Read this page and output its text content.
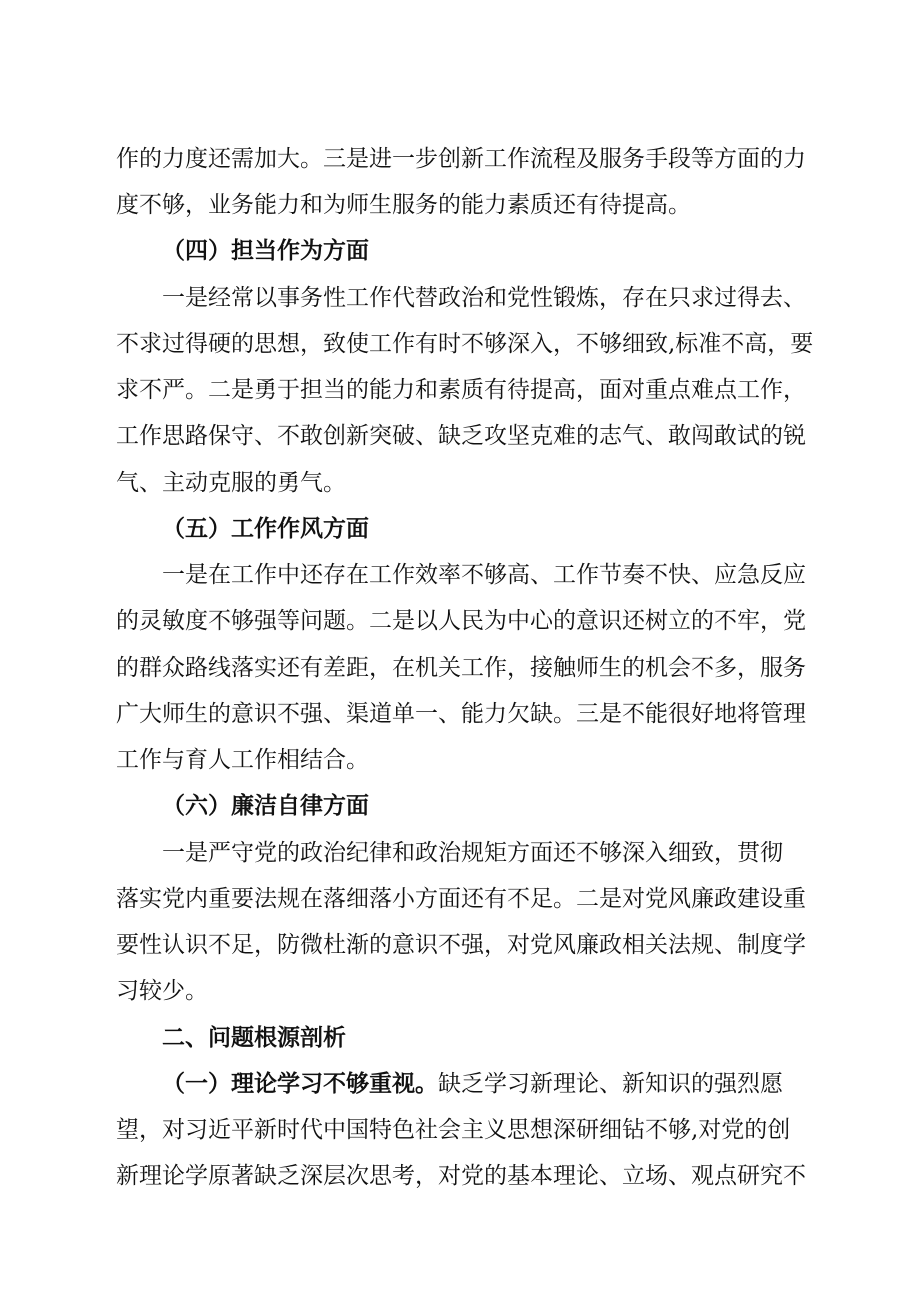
作的力度还需加大。三是进一步创新工作流程及服务手段等方面的力
度不够，业务能力和为师生服务的能力素质还有待提高。
（四）担当作为方面
一是经常以事务性工作代替政治和党性锻炼，存在只求过得去、
不求过得硬的思想，致使工作有时不够深入，不够细致,标准不高，要
求不严。二是勇于担当的能力和素质有待提高，面对重点难点工作，
工作思路保守、不敢创新突破、缺乏攻坚克难的志气、敢闯敢试的锐
气、主动克服的勇气。
（五）工作作风方面
一是在工作中还存在工作效率不够高、工作节奏不快、应急反应
的灵敏度不够强等问题。二是以人民为中心的意识还树立的不牢，党
的群众路线落实还有差距，在机关工作，接触师生的机会不多，服务
广大师生的意识不强、渠道单一、能力欠缺。三是不能很好地将管理
工作与育人工作相结合。
（六）廉洁自律方面
一是严守党的政治纪律和政治规矩方面还不够深入细致，贯彻
落实党内重要法规在落细落小方面还有不足。二是对党风廉政建设重
要性认识不足，防微杜渐的意识不强，对党风廉政相关法规、制度学
习较少。
二、问题根源剖析
（一）理论学习不够重视。缺乏学习新理论、新知识的强烈愿
望，对习近平新时代中国特色社会主义思想深研细钻不够,对党的创
新理论学原著缺乏深层次思考，对党的基本理论、立场、观点研究不
